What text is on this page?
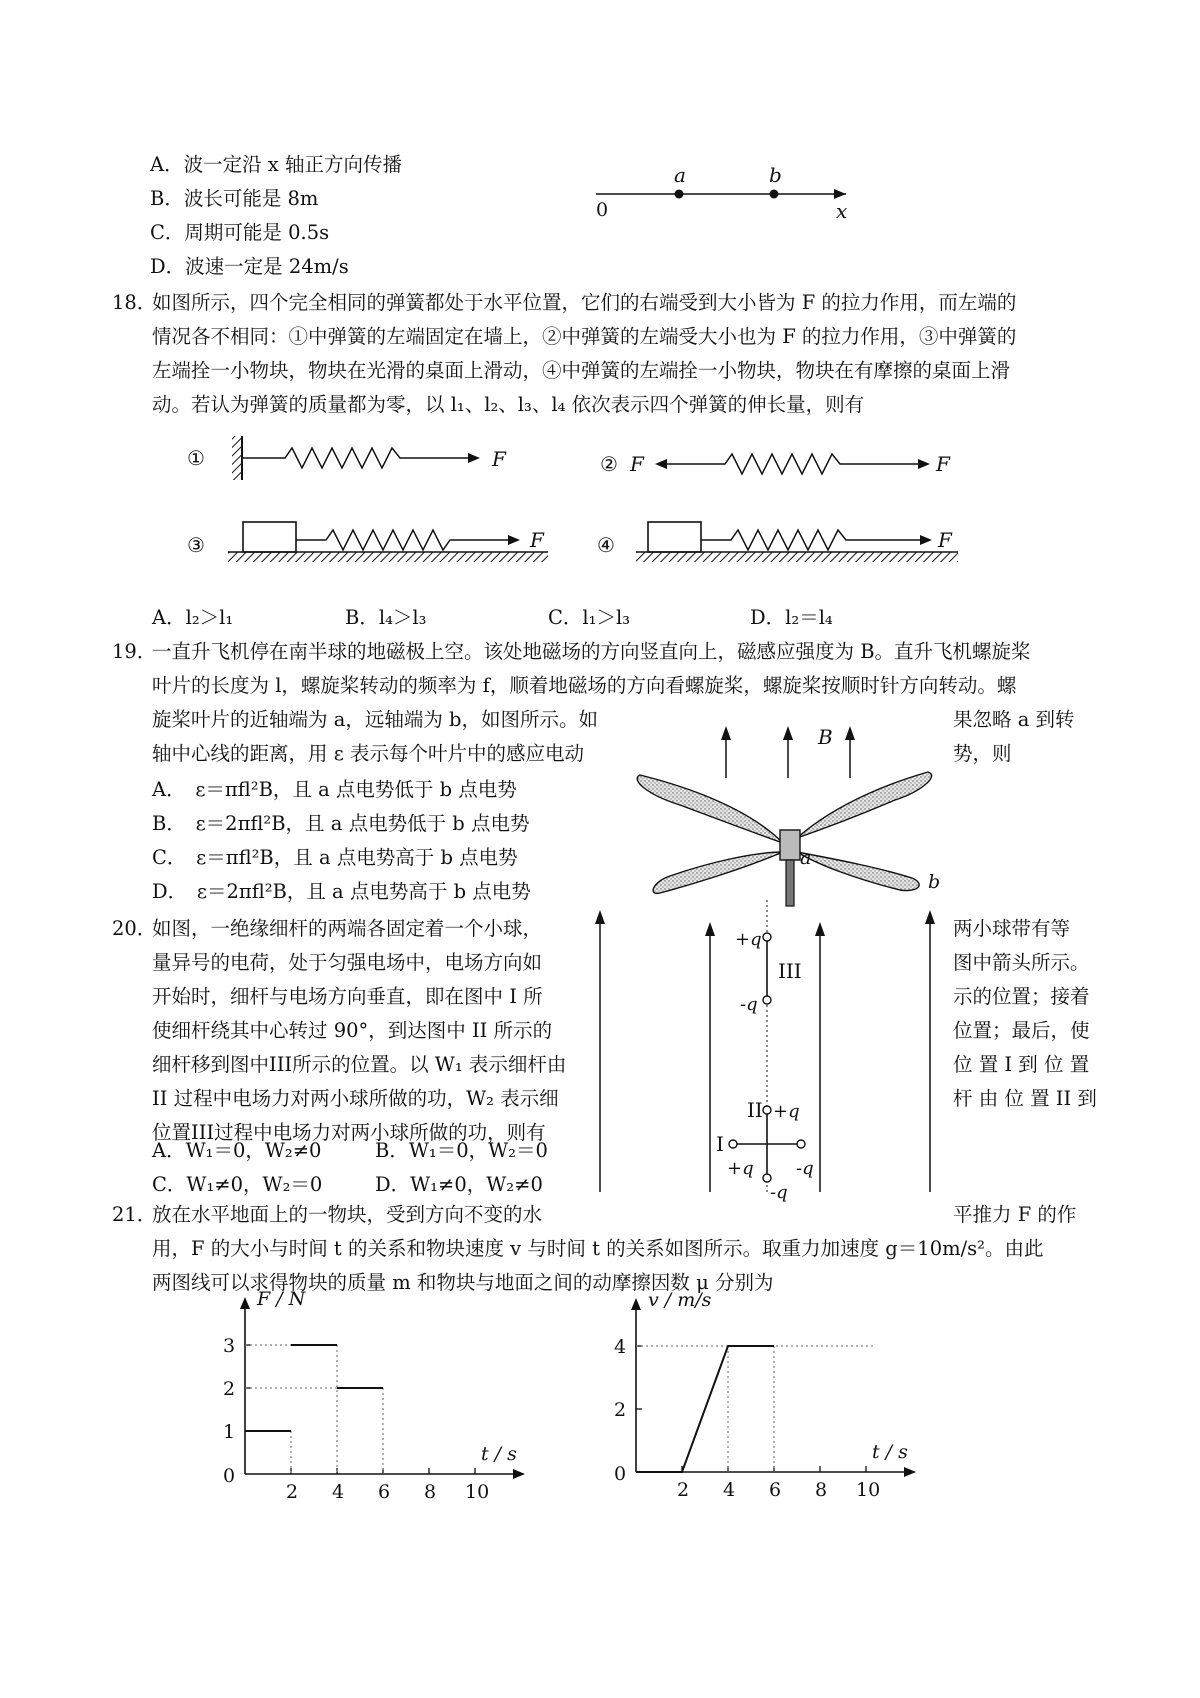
A．波一定沿 x 轴正方向传播
B．波长可能是 8m
C．周期可能是 0.5s
D．波速一定是 24m/s
0
a	b
x
18．
如图所示，四个完全相同的弹簧都处于水平位置，它们的右端受到大小皆为 F 的拉力作用，而左端的
情况各不相同：①中弹簧的左端固定在墙上，②中弹簧的左端受大小也为 F 的拉力作用，③中弹簧的
左端拴一小物块，物块在光滑的桌面上滑动，④中弹簧的左端拴一小物块，物块在有摩擦的桌面上滑
动。若认为弹簧的质量都为零，以 l₁、l₂、l₃、l₄ 依次表示四个弹簧的伸长量，则有
①	F	② F	F
③	F	④	F
A．l₂＞l₁	B．l₄＞l₃	C．l₁＞l₃	D．l₂＝l₄
19．
一直升飞机停在南半球的地磁极上空。该处地磁场的方向竖直向上，磁感应强度为 B。直升飞机螺旋桨
叶片的长度为 l，螺旋桨转动的频率为 f，顺着地磁场的方向看螺旋桨，螺旋桨按顺时针方向转动。螺
旋桨叶片的近轴端为 a，远轴端为 b，如图所示。如	果忽略 a 到转
轴中心线的距离，用 ε 表示每个叶片中的感应电动	势，则
A．　ε＝πfl²B，且 a 点电势低于 b 点电势
B．　ε＝2πfl²B，且 a 点电势低于 b 点电势
C．　ε＝πfl²B，且 a 点电势高于 b 点电势
D．　ε＝2πfl²B，且 a 点电势高于 b 点电势
B
a
b
20．
如图，一绝缘细杆的两端各固定着一个小球，
量异号的电荷，处于匀强电场中，电场方向如
开始时，细杆与电场方向垂直，即在图中 I 所
使细杆绕其中心转过 90°，到达图中 II 所示的
细杆移到图中III所示的位置。以 W₁ 表示细杆由
II 过程中电场力对两小球所做的功，W₂ 表示细
位置III过程中电场力对两小球所做的功，则有
两小球带有等
图中箭头所示。
示的位置；接着
位置；最后，使
位 置 I 到 位 置
杆 由 位 置 II 到
A．W₁＝0，W₂≠0	B．W₁＝0，W₂＝0
C．W₁≠0，W₂＝0	D．W₁≠0，W₂≠0
+q
-q
III
II +q
-q
I
+q -q
21．
放在水平地面上的一物块，受到方向不变的水	平推力 F 的作
用，F 的大小与时间 t 的关系和物块速度 v 与时间 t 的关系如图所示。取重力加速度 g＝10m/s²。由此
两图线可以求得物块的质量 m 和物块与地面之间的动摩擦因数 μ 分别为
2 4 6 8 10
0
1
2
3
F / N
t / s
2 4 6 8 10
0
2
4
v / m/s
t / s
